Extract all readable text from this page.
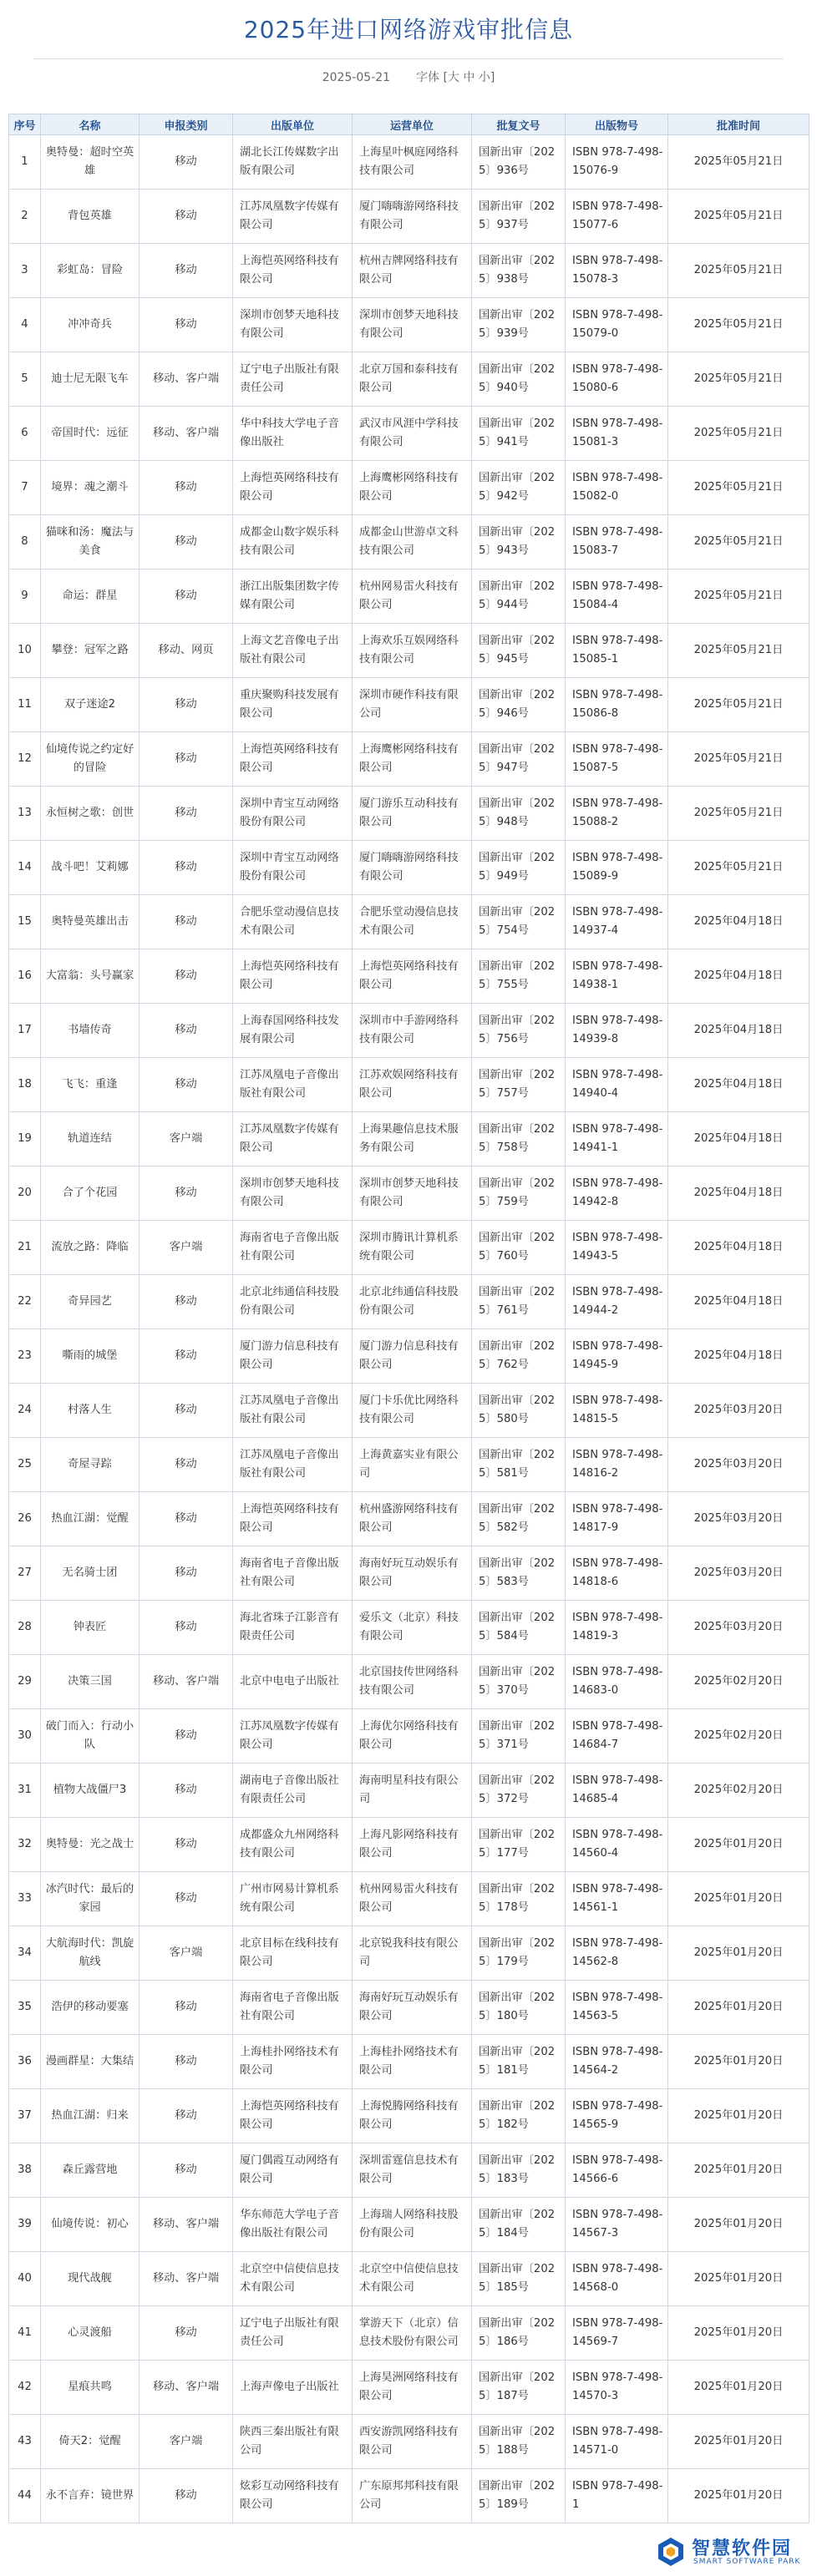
2025年进口网络游戏审批信息
2025-05-21 字体 [大 中 小]
序号	名称	申报类别	出版单位	运营单位	批复文号	出版物号	批准时间
1	奥特曼：超时空英雄	移动	湖北长江传媒数字出版有限公司	上海星叶枫庭网络科技有限公司	国新出审〔2025〕936号	ISBN 978-7-498-15076-9	2025年05月21日
2	背包英雄	移动	江苏凤凰数字传媒有限公司	厦门嗨嗨游网络科技有限公司	国新出审〔2025〕937号	ISBN 978-7-498-15077-6	2025年05月21日
3	彩虹岛：冒险	移动	上海恺英网络科技有限公司	杭州吉牌网络科技有限公司	国新出审〔2025〕938号	ISBN 978-7-498-15078-3	2025年05月21日
4	冲冲奇兵	移动	深圳市创梦天地科技有限公司	深圳市创梦天地科技有限公司	国新出审〔2025〕939号	ISBN 978-7-498-15079-0	2025年05月21日
5	迪士尼无限飞车	移动、客户端	辽宁电子出版社有限责任公司	北京万国和泰科技有限公司	国新出审〔2025〕940号	ISBN 978-7-498-15080-6	2025年05月21日
6	帝国时代：远征	移动、客户端	华中科技大学电子音像出版社	武汉市风涯中学科技有限公司	国新出审〔2025〕941号	ISBN 978-7-498-15081-3	2025年05月21日
7	境界：魂之潮斗	移动	上海恺英网络科技有限公司	上海鹰彬网络科技有限公司	国新出审〔2025〕942号	ISBN 978-7-498-15082-0	2025年05月21日
8	猫咪和汤：魔法与美食	移动	成都金山数字娱乐科技有限公司	成都金山世游卓文科技有限公司	国新出审〔2025〕943号	ISBN 978-7-498-15083-7	2025年05月21日
9	命运：群星	移动	浙江出版集团数字传媒有限公司	杭州网易雷火科技有限公司	国新出审〔2025〕944号	ISBN 978-7-498-15084-4	2025年05月21日
10	攀登：冠军之路	移动、网页	上海文艺音像电子出版社有限公司	上海欢乐互娱网络科技有限公司	国新出审〔2025〕945号	ISBN 978-7-498-15085-1	2025年05月21日
11	双子迷途2	移动	重庆聚购科技发展有限公司	深圳市硬作科技有限公司	国新出审〔2025〕946号	ISBN 978-7-498-15086-8	2025年05月21日
12	仙境传说之约定好的冒险	移动	上海恺英网络科技有限公司	上海鹰彬网络科技有限公司	国新出审〔2025〕947号	ISBN 978-7-498-15087-5	2025年05月21日
13	永恒树之歌：创世	移动	深圳中青宝互动网络股份有限公司	厦门游乐互动科技有限公司	国新出审〔2025〕948号	ISBN 978-7-498-15088-2	2025年05月21日
14	战斗吧！艾莉娜	移动	深圳中青宝互动网络股份有限公司	厦门嗨嗨游网络科技有限公司	国新出审〔2025〕949号	ISBN 978-7-498-15089-9	2025年05月21日
15	奥特曼英雄出击	移动	合肥乐堂动漫信息技术有限公司	合肥乐堂动漫信息技术有限公司	国新出审〔2025〕754号	ISBN 978-7-498-14937-4	2025年04月18日
16	大富翁：头号赢家	移动	上海恺英网络科技有限公司	上海恺英网络科技有限公司	国新出审〔2025〕755号	ISBN 978-7-498-14938-1	2025年04月18日
17	书墙传奇	移动	上海春国网络科技发展有限公司	深圳市中手游网络科技有限公司	国新出审〔2025〕756号	ISBN 978-7-498-14939-8	2025年04月18日
18	飞飞：重逢	移动	江苏凤凰电子音像出版社有限公司	江苏欢娱网络科技有限公司	国新出审〔2025〕757号	ISBN 978-7-498-14940-4	2025年04月18日
19	轨道连结	客户端	江苏凤凰数字传媒有限公司	上海果趣信息技术服务有限公司	国新出审〔2025〕758号	ISBN 978-7-498-14941-1	2025年04月18日
20	合了个花园	移动	深圳市创梦天地科技有限公司	深圳市创梦天地科技有限公司	国新出审〔2025〕759号	ISBN 978-7-498-14942-8	2025年04月18日
21	流放之路：降临	客户端	海南省电子音像出版社有限公司	深圳市腾讯计算机系统有限公司	国新出审〔2025〕760号	ISBN 978-7-498-14943-5	2025年04月18日
22	奇异园艺	移动	北京北纬通信科技股份有限公司	北京北纬通信科技股份有限公司	国新出审〔2025〕761号	ISBN 978-7-498-14944-2	2025年04月18日
23	嘶雨的城堡	移动	厦门游力信息科技有限公司	厦门游力信息科技有限公司	国新出审〔2025〕762号	ISBN 978-7-498-14945-9	2025年04月18日
24	村落人生	移动	江苏凤凰电子音像出版社有限公司	厦门卡乐优比网络科技有限公司	国新出审〔2025〕580号	ISBN 978-7-498-14815-5	2025年03月20日
25	奇屋寻踪	移动	江苏凤凰电子音像出版社有限公司	上海黄嘉实业有限公司	国新出审〔2025〕581号	ISBN 978-7-498-14816-2	2025年03月20日
26	热血江湖：觉醒	移动	上海恺英网络科技有限公司	杭州盛游网络科技有限公司	国新出审〔2025〕582号	ISBN 978-7-498-14817-9	2025年03月20日
27	无名骑士团	移动	海南省电子音像出版社有限公司	海南好玩互动娱乐有限公司	国新出审〔2025〕583号	ISBN 978-7-498-14818-6	2025年03月20日
28	钟表匠	移动	海北省珠子江影音有限责任公司	爱乐文（北京）科技有限公司	国新出审〔2025〕584号	ISBN 978-7-498-14819-3	2025年03月20日
29	决策三国	移动、客户端	北京中电电子出版社	北京国技传世网络科技有限公司	国新出审〔2025〕370号	ISBN 978-7-498-14683-0	2025年02月20日
30	破门而入：行动小队	移动	江苏凤凰数字传媒有限公司	上海优尔网络科技有限公司	国新出审〔2025〕371号	ISBN 978-7-498-14684-7	2025年02月20日
31	植物大战僵尸3	移动	湖南电子音像出版社有限责任公司	海南明星科技有限公司	国新出审〔2025〕372号	ISBN 978-7-498-14685-4	2025年02月20日
32	奥特曼：光之战士	移动	成都盛众九州网络科技有限公司	上海凡影网络科技有限公司	国新出审〔2025〕177号	ISBN 978-7-498-14560-4	2025年01月20日
33	冰汽时代：最后的家园	移动	广州市网易计算机系统有限公司	杭州网易雷火科技有限公司	国新出审〔2025〕178号	ISBN 978-7-498-14561-1	2025年01月20日
34	大航海时代：凯旋航线	客户端	北京目标在线科技有限公司	北京锐我科技有限公司	国新出审〔2025〕179号	ISBN 978-7-498-14562-8	2025年01月20日
35	浩伊的移动要塞	移动	海南省电子音像出版社有限公司	海南好玩互动娱乐有限公司	国新出审〔2025〕180号	ISBN 978-7-498-14563-5	2025年01月20日
36	漫画群星：大集结	移动	上海桂扑网络技术有限公司	上海桂扑网络技术有限公司	国新出审〔2025〕181号	ISBN 978-7-498-14564-2	2025年01月20日
37	热血江湖：归来	移动	上海恺英网络科技有限公司	上海悦腾网络科技有限公司	国新出审〔2025〕182号	ISBN 978-7-498-14565-9	2025年01月20日
38	森丘露营地	移动	厦门偶霞互动网络有限公司	深圳雷霆信息技术有限公司	国新出审〔2025〕183号	ISBN 978-7-498-14566-6	2025年01月20日
39	仙境传说：初心	移动、客户端	华东师范大学电子音像出版社有限公司	上海瑞人网络科技股份有限公司	国新出审〔2025〕184号	ISBN 978-7-498-14567-3	2025年01月20日
40	现代战舰	移动、客户端	北京空中信使信息技术有限公司	北京空中信使信息技术有限公司	国新出审〔2025〕185号	ISBN 978-7-498-14568-0	2025年01月20日
41	心灵渡船	移动	辽宁电子出版社有限责任公司	掌游天下（北京）信息技术股份有限公司	国新出审〔2025〕186号	ISBN 978-7-498-14569-7	2025年01月20日
42	星痕共鸣	移动、客户端	上海声像电子出版社	上海昊洲网络科技有限公司	国新出审〔2025〕187号	ISBN 978-7-498-14570-3	2025年01月20日
43	倚天2：觉醒	客户端	陕西三秦出版社有限公司	西安游凯网络科技有限公司	国新出审〔2025〕188号	ISBN 978-7-498-14571-0	2025年01月20日
44	永不言弃：镜世界	移动	炫彩互动网络科技有限公司	广东原邦邦科技有限公司	国新出审〔2025〕189号	ISBN 978-7-498-1	2025年01月20日
智慧软件园
SMART SOFTWARE PARK
